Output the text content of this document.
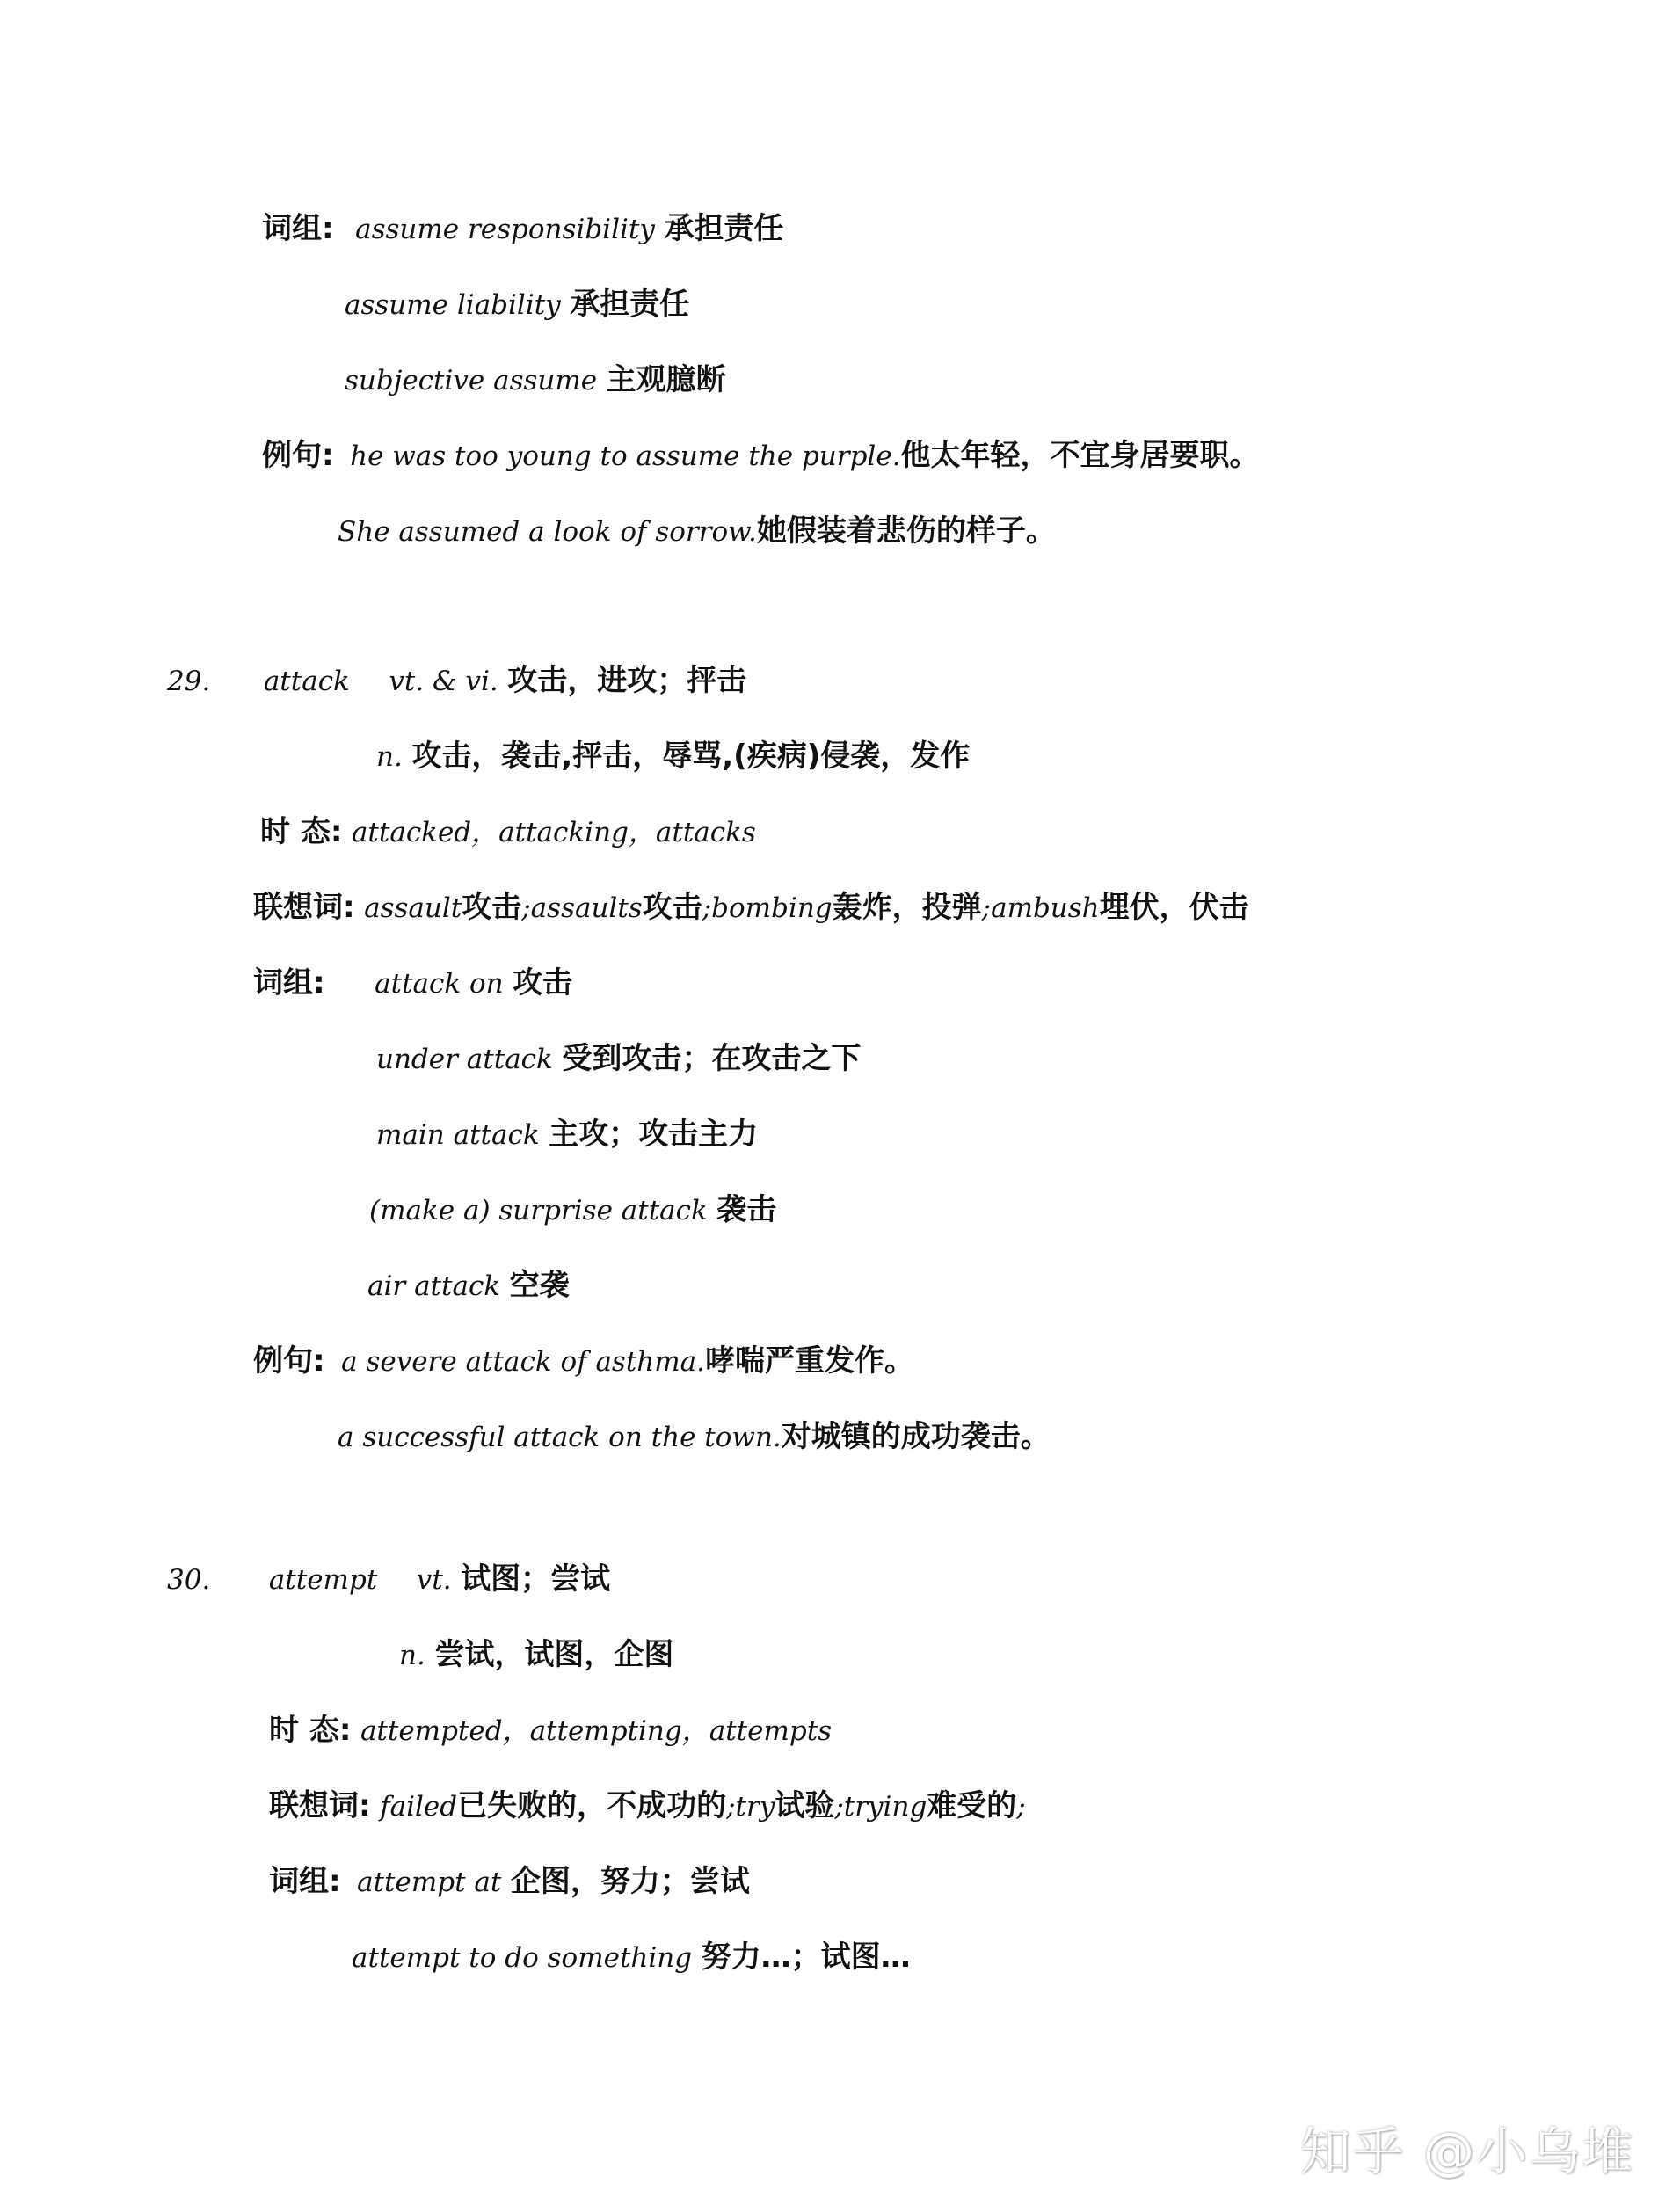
词组: assume responsibility 承担责任
assume liability 承担责任
subjective assume 主观臆断
例句: he was too young to assume the purple.他太年轻，不宜身居要职。
She assumed a look of sorrow.她假装着悲伤的样子。
29. attack vt. & vi. 攻击，进攻；抨击
n. 攻击，袭击,抨击，辱骂,(疾病)侵袭，发作
时 态: attacked，attacking，attacks
联想词: assault攻击;assaults攻击;bombing轰炸，投弹;ambush埋伏，伏击
词组: attack on 攻击
under attack 受到攻击；在攻击之下
main attack 主攻；攻击主力
(make a) surprise attack 袭击
air attack 空袭
例句: a severe attack of asthma.哮喘严重发作。
a successful attack on the town.对城镇的成功袭击。
30. attempt vt. 试图；尝试
n. 尝试，试图，企图
时 态: attempted，attempting，attempts
联想词: failed已失败的，不成功的;try试验;trying难受的;
词组: attempt at 企图，努力；尝试
attempt to do something 努力…；试图…
知乎 @小乌堆
